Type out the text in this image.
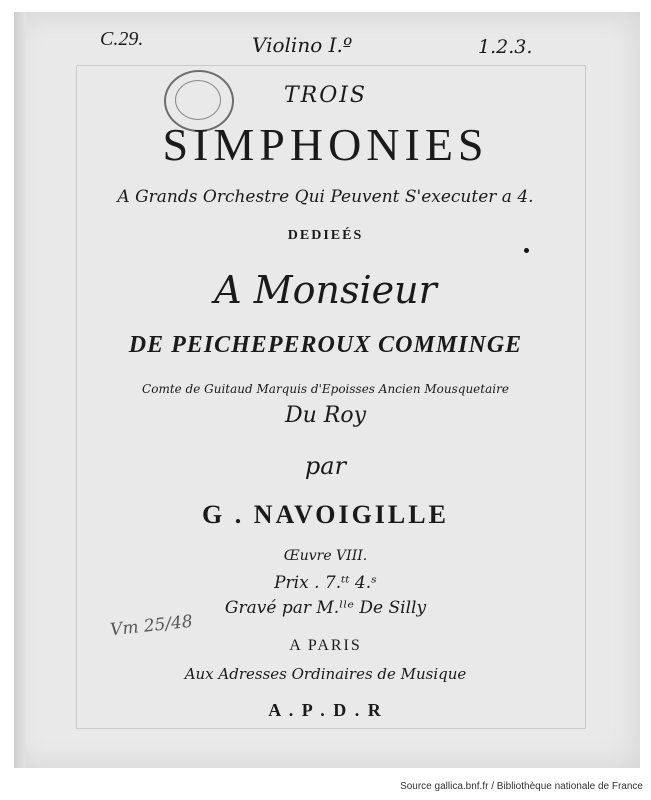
C.29.	Violino I.º	1.2.3.
TROIS
SIMPHONIES
A Grands Orchestre Qui Peuvent S'executer a 4.
DEDIEÉS
A Monsieur
DE PEICHEPEROUX COMMINGE
Comte de Guitaud Marquis d'Epoisses Ancien Mousquetaire
Du Roy
par
G . NAVOIGILLE
Œuvre VIII.
Prix . 7.ᵗᵗ 4.ˢ
Gravé par M.ˡˡᵉ De Silly
Vm 25/48
A PARIS
Aux Adresses Ordinaires de Musique
A . P . D . R
Source gallica.bnf.fr / Bibliothèque nationale de France
